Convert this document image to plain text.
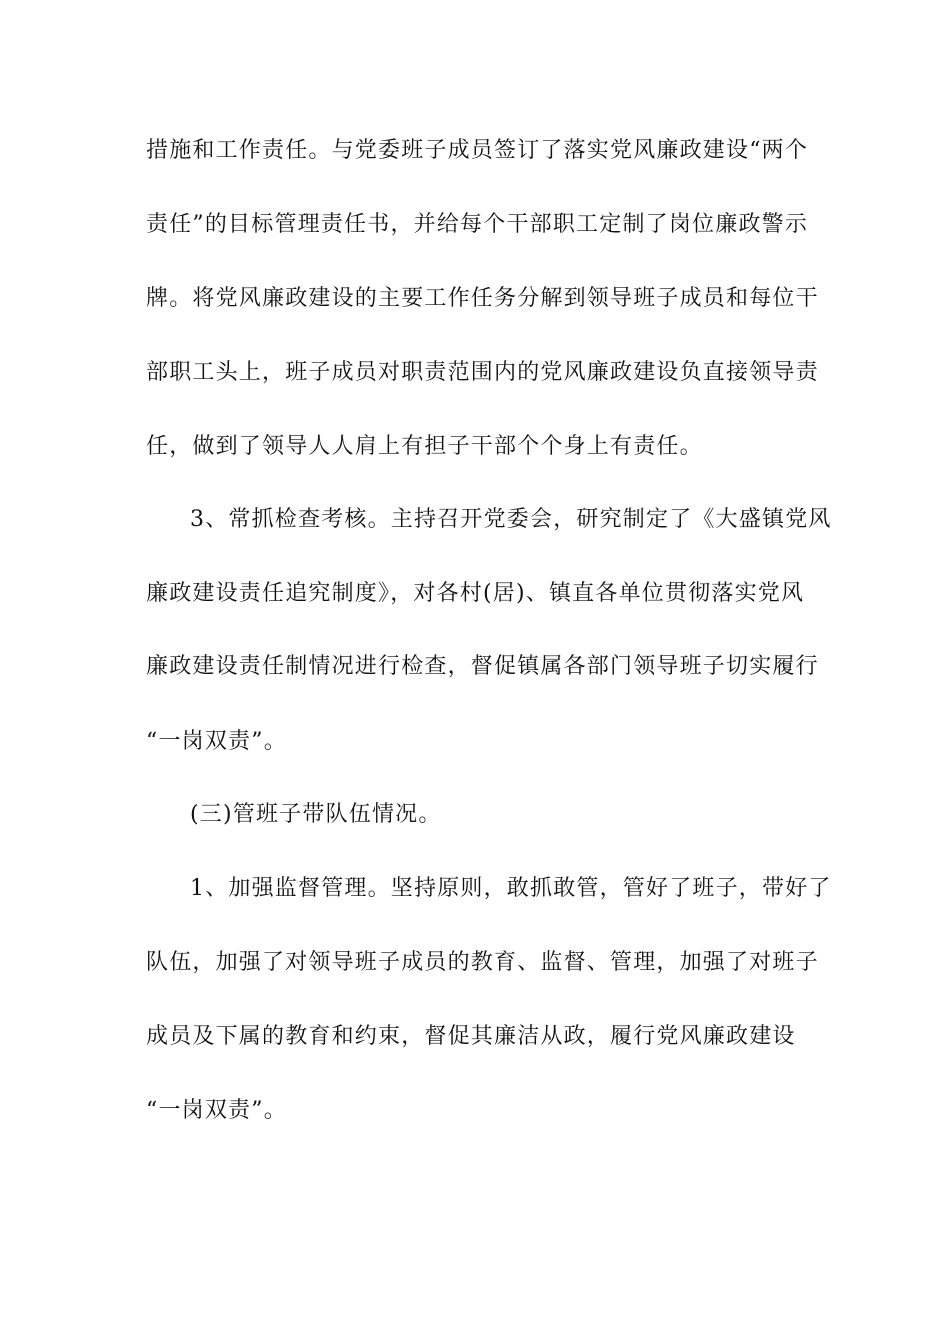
措施和工作责任。与党委班子成员签订了落实党风廉政建设“两个
责任”的目标管理责任书，并给每个干部职工定制了岗位廉政警示
牌。将党风廉政建设的主要工作任务分解到领导班子成员和每位干
部职工头上，班子成员对职责范围内的党风廉政建设负直接领导责
任，做到了领导人人肩上有担子干部个个身上有责任。
3、常抓检查考核。主持召开党委会，研究制定了《大盛镇党风
廉政建设责任追究制度》，对各村(居)、镇直各单位贯彻落实党风
廉政建设责任制情况进行检查，督促镇属各部门领导班子切实履行
“一岗双责”。
(三)管班子带队伍情况。
1、加强监督管理。坚持原则，敢抓敢管，管好了班子，带好了
队伍，加强了对领导班子成员的教育、监督、管理，加强了对班子
成员及下属的教育和约束，督促其廉洁从政，履行党风廉政建设
“一岗双责”。
